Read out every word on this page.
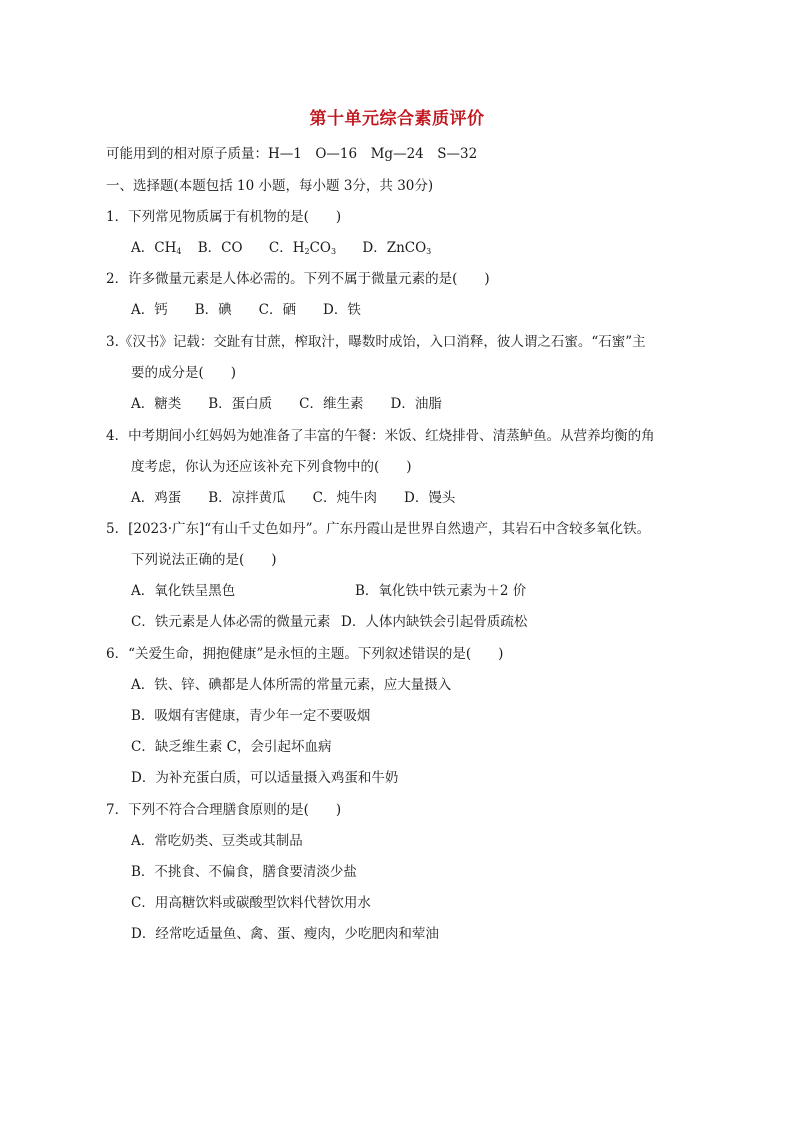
第十单元综合素质评价
可能用到的相对原子质量：H—1　O—16　Mg—24　S—32
一、选择题(本题包括 10 小题，每小题 3分，共 30分)
1．下列常见物质属于有机物的是(　　)
A．$CH_4$ B．CO C．$H_2CO_3$ D．ZnCO$_3$
2．许多微量元素是人体必需的。下列不属于微量元素的是(　　)
A．钙　　B．碘　　C．硒　　D．铁
3.《汉书》记载：交趾有甘蔗，榨取汁，曝数时成饴，入口消释，彼人谓之石蜜。“石蜜”主
要的成分是(　　)
A．糖类　　B．蛋白质　　C．维生素　　D．油脂
4．中考期间小红妈妈为她准备了丰富的午餐：米饭、红烧排骨、清蒸鲈鱼。从营养均衡的角
度考虑，你认为还应该补充下列食物中的(　　)
A．鸡蛋　　B．凉拌黄瓜　　C．炖牛肉　　D．馒头
5．[2023·广东]“有山千丈色如丹”。广东丹霞山是世界自然遗产，其岩石中含较多氧化铁。
下列说法正确的是(　　)
A．氧化铁呈黑色	B．氧化铁中铁元素为＋2 价
C．铁元素是人体必需的微量元素 D．人体内缺铁会引起骨质疏松
6．“关爱生命，拥抱健康”是永恒的主题。下列叙述错误的是(　　)
A．铁、锌、碘都是人体所需的常量元素，应大量摄入
B．吸烟有害健康，青少年一定不要吸烟
C．缺乏维生素 C，会引起坏血病
D．为补充蛋白质，可以适量摄入鸡蛋和牛奶
7．下列不符合合理膳食原则的是(　　)
A．常吃奶类、豆类或其制品
B．不挑食、不偏食，膳食要清淡少盐
C．用高糖饮料或碳酸型饮料代替饮用水
D．经常吃适量鱼、禽、蛋、瘦肉，少吃肥肉和荤油
